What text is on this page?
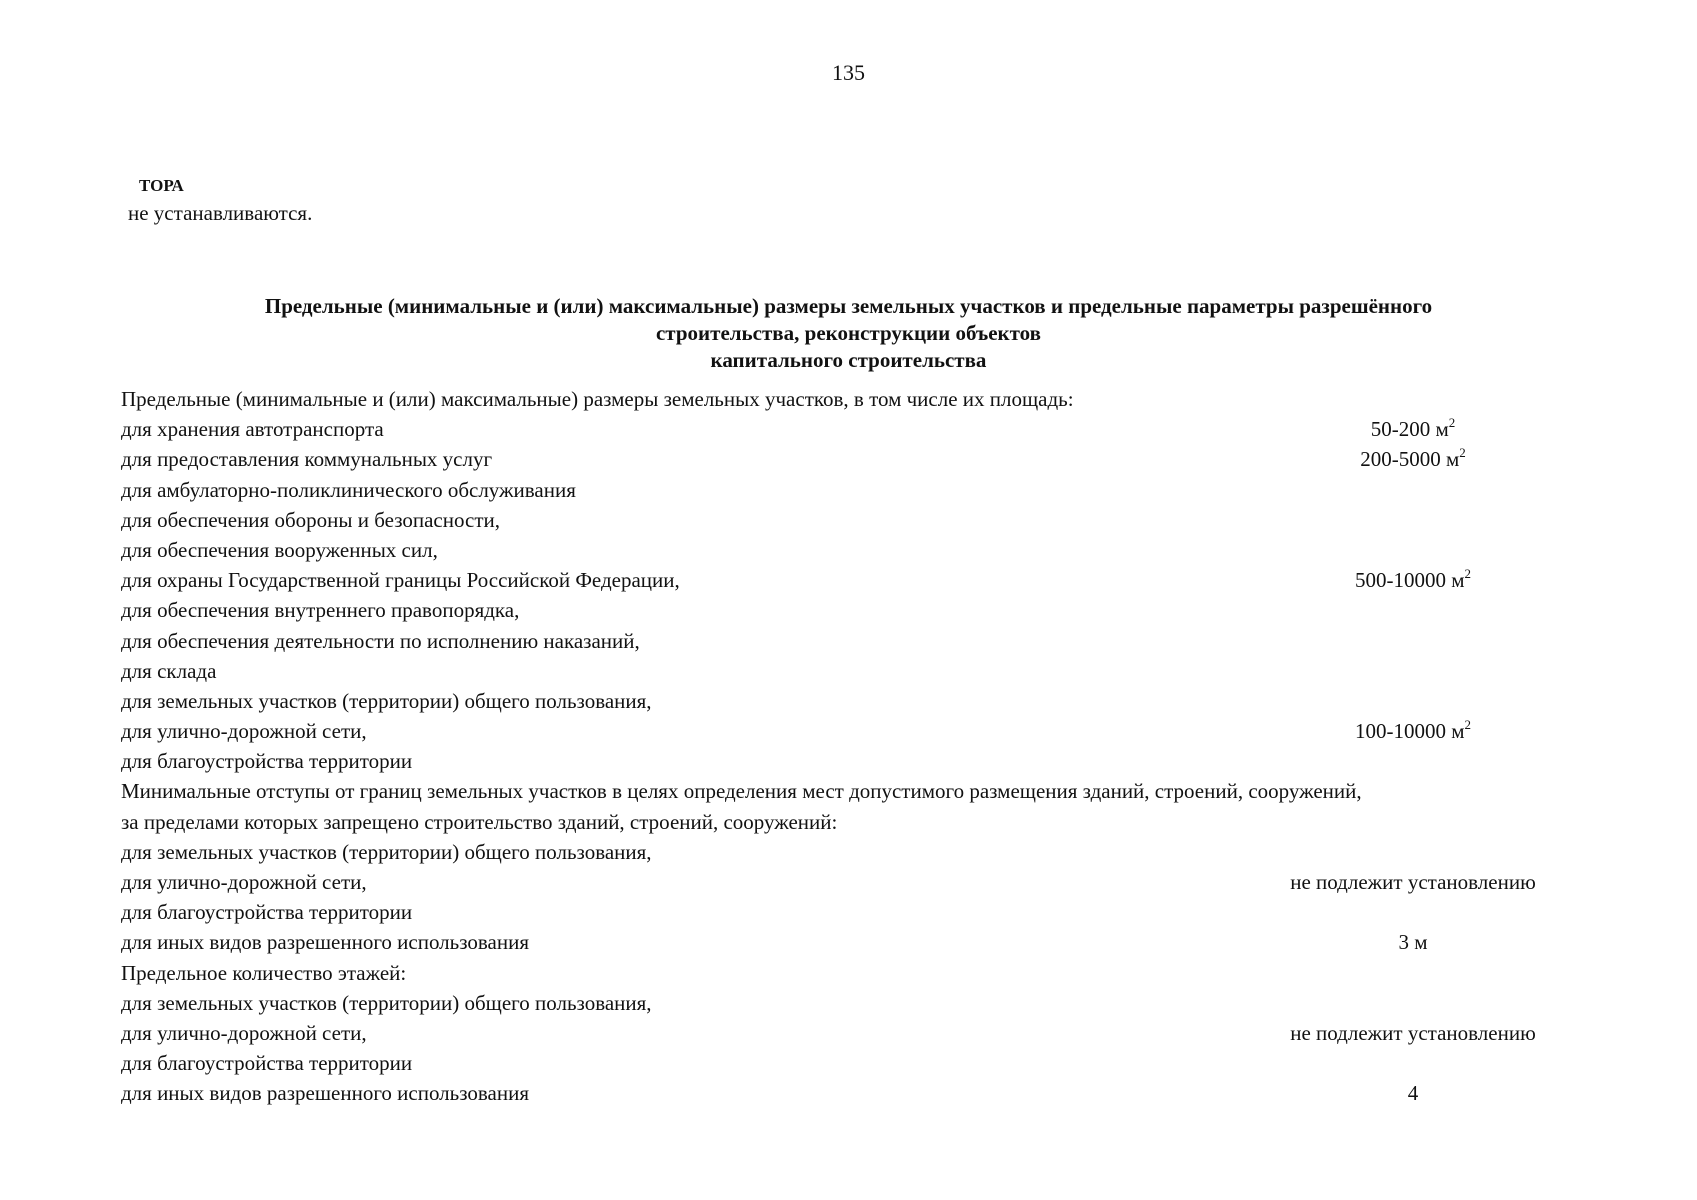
135
ТОРА
не устанавливаются.
Предельные (минимальные и (или) максимальные) размеры земельных участков и предельные параметры разрешённого
строительства, реконструкции объектов
капитального строительства
Предельные (минимальные и (или) максимальные) размеры земельных участков, в том числе их площадь:
для хранения автотранспорта	50-200 $м^2$
для предоставления коммунальных услуг	200-5000 $м^2$
для амбулаторно-поликлинического обслуживания
для обеспечения обороны и безопасности,
для обеспечения вооруженных сил,
для охраны Государственной границы Российской Федерации,	500-10000 $м^2$
для обеспечения внутреннего правопорядка,
для обеспечения деятельности по исполнению наказаний,
для склада
для земельных участков (территории) общего пользования,
для улично-дорожной сети,	100-10000 $м^2$
для благоустройства территории
Минимальные отступы от границ земельных участков в целях определения мест допустимого размещения зданий, строений, сооружений,
за пределами которых запрещено строительство зданий, строений, сооружений:
для земельных участков (территории) общего пользования,
для улично-дорожной сети,	не подлежит установлению
для благоустройства территории
для иных видов разрешенного использования	3 м
Предельное количество этажей:
для земельных участков (территории) общего пользования,
для улично-дорожной сети,	не подлежит установлению
для благоустройства территории
для иных видов разрешенного использования	4
